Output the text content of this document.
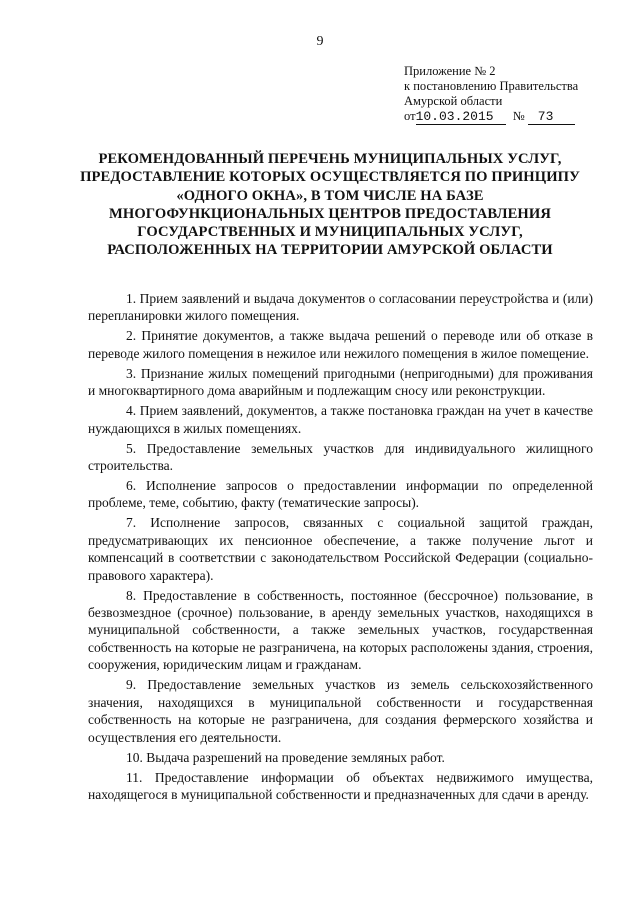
9
Приложение № 2
к постановлению Правительства
Амурской области
от10.03.2015 № 73
РЕКОМЕНДОВАННЫЙ ПЕРЕЧЕНЬ МУНИЦИПАЛЬНЫХ УСЛУГ, ПРЕДОСТАВЛЕНИЕ КОТОРЫХ ОСУЩЕСТВЛЯЕТСЯ ПО ПРИНЦИПУ «ОДНОГО ОКНА», В ТОМ ЧИСЛЕ НА БАЗЕ МНОГОФУНКЦИОНАЛЬНЫХ ЦЕНТРОВ ПРЕДОСТАВЛЕНИЯ ГОСУДАРСТВЕННЫХ И МУНИЦИПАЛЬНЫХ УСЛУГ, РАСПОЛОЖЕННЫХ НА ТЕРРИТОРИИ АМУРСКОЙ ОБЛАСТИ

1. Прием заявлений и выдача документов о согласовании переустройства и (или) перепланировки жилого помещения.

2. Принятие документов, а также выдача решений о переводе или об отказе в переводе жилого помещения в нежилое или нежилого помещения в жилое помещение.

3. Признание жилых помещений пригодными (непригодными) для проживания и многоквартирного дома аварийным и подлежащим сносу или реконструкции.

4. Прием заявлений, документов, а также постановка граждан на учет в качестве нуждающихся в жилых помещениях.

5. Предоставление земельных участков для индивидуального жилищного строительства.

6. Исполнение запросов о предоставлении информации по определенной проблеме, теме, событию, факту (тематические запросы).

7. Исполнение запросов, связанных с социальной защитой граждан, предусматривающих их пенсионное обеспечение, а также получение льгот и компенсаций в соответствии с законодательством Российской Федерации (социально-правового характера).

8. Предоставление в собственность, постоянное (бессрочное) пользование, в безвозмездное (срочное) пользование, в аренду земельных участков, находящихся в муниципальной собственности, а также земельных участков, государственная собственность на которые не разграничена, на которых расположены здания, строения, сооружения, юридическим лицам и гражданам.

9. Предоставление земельных участков из земель сельскохозяйственного значения, находящихся в муниципальной собственности и государственная собственность на которые не разграничена, для создания фермерского хозяйства и осуществления его деятельности.

10. Выдача разрешений на проведение земляных работ.

11. Предоставление информации об объектах недвижимого имущества, находящегося в муниципальной собственности и предназначенных для сдачи в аренду.
